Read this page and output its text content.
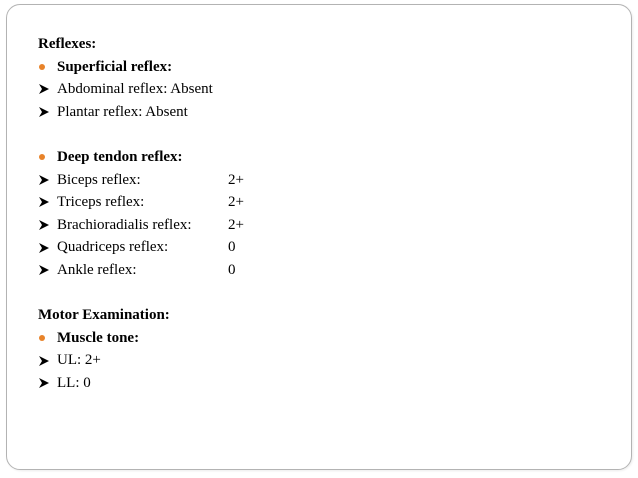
Reflexes:
Superficial reflex:
Abdominal reflex: Absent
Plantar reflex: Absent
Deep tendon reflex:
Biceps reflex:	2+
Triceps reflex:	2+
Brachioradialis reflex:	2+
Quadriceps reflex:	0
Ankle reflex:	0
Motor Examination:
Muscle tone:
UL: 2+
LL: 0
